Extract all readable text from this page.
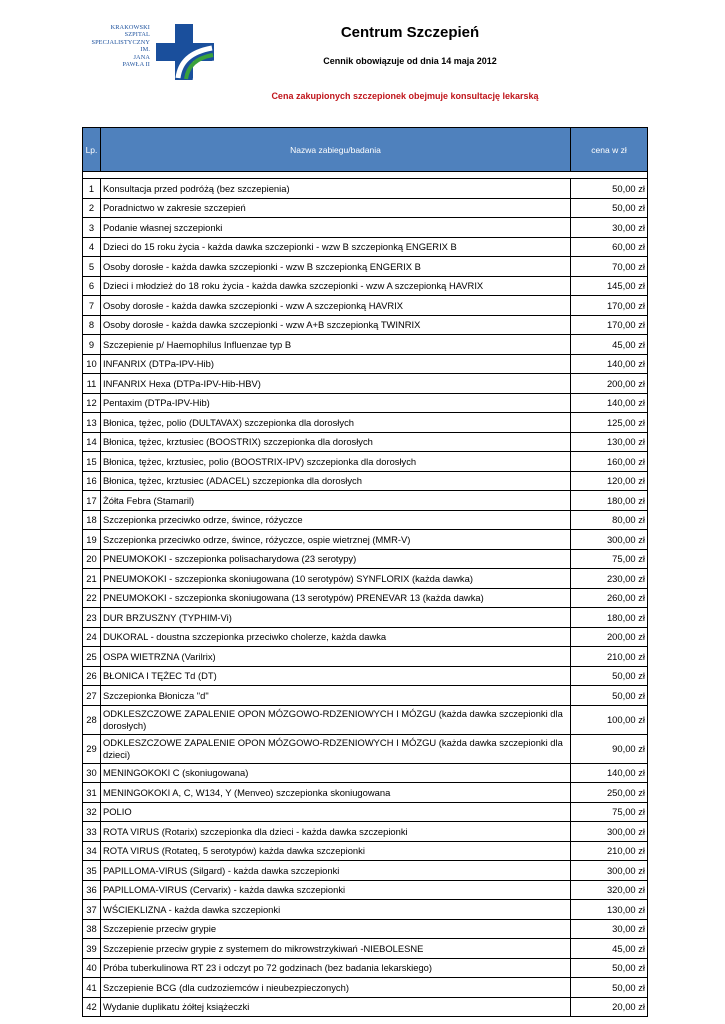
KRAKOWSKI
SZPITAL
SPECJALISTYCZNY
IM.
JANA
PAWŁA II
Centrum Szczepień
Cennik obowiązuje od dnia 14 maja 2012
Cena zakupionych szczepionek obejmuje konsultację lekarską
Lp.	Nazwa zabiegu/badania	cena w zł

1	Konsultacja przed podróżą (bez szczepienia)	50,00 zł
2	Poradnictwo w zakresie szczepień	50,00 zł
3	Podanie własnej szczepionki	30,00 zł
4	Dzieci do 15 roku życia - każda dawka szczepionki - wzw B szczepionką ENGERIX B	60,00 zł
5	Osoby dorosłe - każda dawka szczepionki - wzw B szczepionką ENGERIX B	70,00 zł
6	Dzieci i młodzież do 18 roku życia - każda dawka szczepionki - wzw A szczepionką HAVRIX	145,00 zł
7	Osoby dorosłe - każda dawka szczepionki - wzw A szczepionką HAVRIX	170,00 zł
8	Osoby dorosłe - każda dawka szczepionki - wzw A+B szczepionką TWINRIX	170,00 zł
9	Szczepienie p/ Haemophilus Influenzae typ B	45,00 zł
10	INFANRIX (DTPa-IPV-Hib)	140,00 zł
11	INFANRIX Hexa (DTPa-IPV-Hib-HBV)	200,00 zł
12	Pentaxim (DTPa-IPV-Hib)	140,00 zł
13	Błonica, tężec, polio (DULTAVAX) szczepionka dla dorosłych	125,00 zł
14	Błonica, tężec, krztusiec (BOOSTRIX) szczepionka dla dorosłych	130,00 zł
15	Błonica, tężec, krztusiec, polio (BOOSTRIX-IPV) szczepionka dla dorosłych	160,00 zł
16	Błonica, tężec, krztusiec (ADACEL) szczepionka dla dorosłych	120,00 zł
17	Żółta Febra (Stamaril)	180,00 zł
18	Szczepionka przeciwko odrze, śwince, różyczce	80,00 zł
19	Szczepionka przeciwko odrze, śwince, różyczce, ospie wietrznej (MMR-V)	300,00 zł
20	PNEUMOKOKI - szczepionka polisacharydowa (23 serotypy)	75,00 zł
21	PNEUMOKOKI - szczepionka skoniugowana (10 serotypów) SYNFLORIX (każda dawka)	230,00 zł
22	PNEUMOKOKI - szczepionka skoniugowana (13 serotypów) PRENEVAR 13 (każda dawka)	260,00 zł
23	DUR BRZUSZNY (TYPHIM-Vi)	180,00 zł
24	DUKORAL - doustna szczepionka przeciwko cholerze, każda dawka	200,00 zł
25	OSPA WIETRZNA (Varilrix)	210,00 zł
26	BŁONICA I TĘŻEC Td (DT)	50,00 zł
27	Szczepionka Błonicza "d"	50,00 zł
28	ODKLESZCZOWE ZAPALENIE OPON MÓZGOWO-RDZENIOWYCH I MÓZGU (każda dawka szczepionki dla dorosłych)	100,00 zł
29	ODKLESZCZOWE ZAPALENIE OPON MÓZGOWO-RDZENIOWYCH I MÓZGU (każda dawka szczepionki dla dzieci)	90,00 zł
30	MENINGOKOKI C (skoniugowana)	140,00 zł
31	MENINGOKOKI A, C, W134, Y (Menveo) szczepionka skoniugowana	250,00 zł
32	POLIO	75,00 zł
33	ROTA VIRUS (Rotarix) szczepionka dla dzieci - każda dawka szczepionki	300,00 zł
34	ROTA VIRUS (Rotateq, 5 serotypów) każda dawka szczepionki	210,00 zł
35	PAPILLOMA-VIRUS (Silgard) - każda dawka szczepionki	300,00 zł
36	PAPILLOMA-VIRUS (Cervarix) - każda dawka szczepionki	320,00 zł
37	WŚCIEKLIZNA - każda dawka szczepionki	130,00 zł
38	Szczepienie przeciw grypie	30,00 zł
39	Szczepienie przeciw grypie z systemem do mikrowstrzykiwań -NIEBOLESNE	45,00 zł
40	Próba tuberkulinowa RT 23 i odczyt po 72 godzinach (bez badania lekarskiego)	50,00 zł
41	Szczepienie BCG (dla cudzoziemców i nieubezpieczonych)	50,00 zł
42	Wydanie duplikatu żółtej książeczki	20,00 zł
